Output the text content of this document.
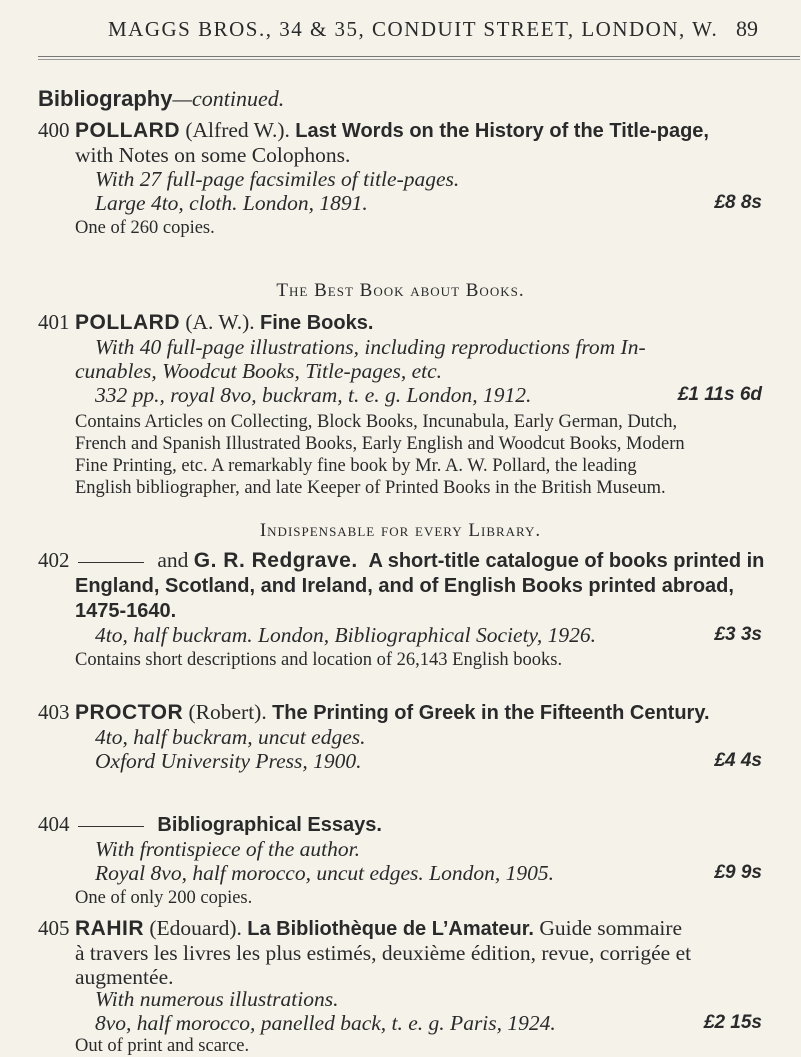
MAGGS BROS., 34 & 35, CONDUIT STREET, LONDON, W. 89
Bibliography—continued.
400 POLLARD (Alfred W.). Last Words on the History of the Title-page,
with Notes on some Colophons.
With 27 full-page facsimiles of title-pages.
Large 4to, cloth. London, 1891.	£8 8s
One of 260 copies.
The Best Book about Books.
401 POLLARD (A. W.). Fine Books.
With 40 full-page illustrations, including reproductions from In-
cunables, Woodcut Books, Title-pages, etc.
332 pp., royal 8vo, buckram, t. e. g. London, 1912.	£1 11s 6d
Contains Articles on Collecting, Block Books, Incunabula, Early German, Dutch,
French and Spanish Illustrated Books, Early English and Woodcut Books, Modern
Fine Printing, etc. A remarkably fine book by Mr. A. W. Pollard, the leading
English bibliographer, and late Keeper of Printed Books in the British Museum.
Indispensable for every Library.
402	and G. R. Redgrave. A short-title catalogue of books printed in
England, Scotland, and Ireland, and of English Books printed abroad,
1475-1640.
4to, half buckram. London, Bibliographical Society, 1926.	£3 3s
Contains short descriptions and location of 26,143 English books.
403 PROCTOR (Robert). The Printing of Greek in the Fifteenth Century.
4to, half buckram, uncut edges.
Oxford University Press, 1900.	£4 4s
404	Bibliographical Essays.
With frontispiece of the author.
Royal 8vo, half morocco, uncut edges. London, 1905.	£9 9s
One of only 200 copies.
405 RAHIR (Edouard). La Bibliothèque de L’Amateur. Guide sommaire
à travers les livres les plus estimés, deuxième édition, revue, corrigée et
augmentée.
With numerous illustrations.
8vo, half morocco, panelled back, t. e. g. Paris, 1924.	£2 15s
Out of print and scarce.
